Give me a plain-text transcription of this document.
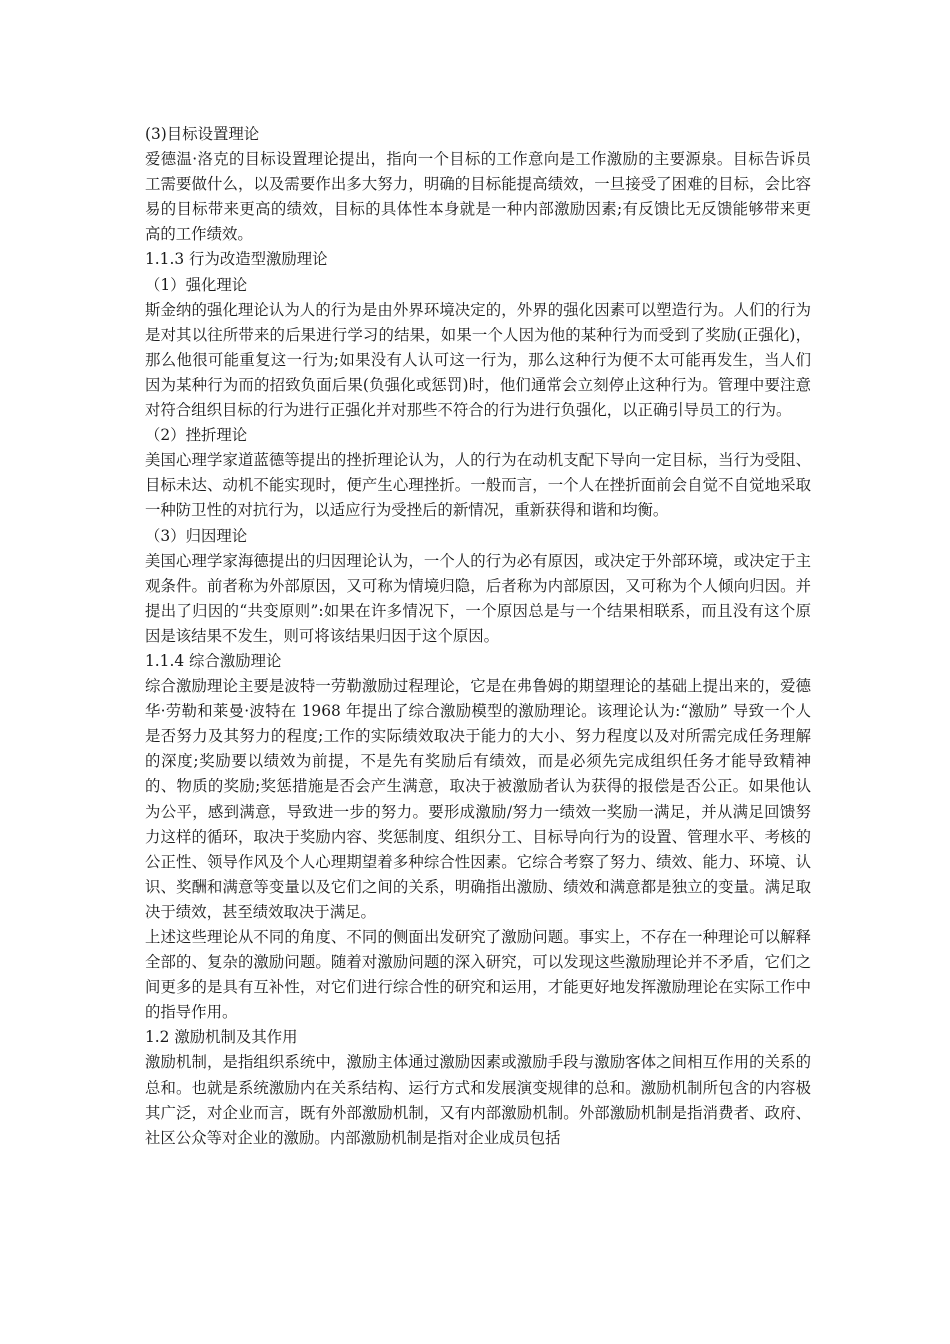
(3)目标设置理论

爱德温·洛克的目标设置理论提出，指向一个目标的工作意向是工作激励的主要源泉。目标告诉员工需要做什么，以及需要作出多大努力，明确的目标能提高绩效，一旦接受了困难的目标，会比容易的目标带来更高的绩效，目标的具体性本身就是一种内部激励因素;有反馈比无反馈能够带来更高的工作绩效。

1.1.3 行为改造型激励理论

（1）强化理论

斯金纳的强化理论认为人的行为是由外界环境决定的，外界的强化因素可以塑造行为。人们的行为是对其以往所带来的后果进行学习的结果，如果一个人因为他的某种行为而受到了奖励(正强化)，那么他很可能重复这一行为;如果没有人认可这一行为，那么这种行为便不太可能再发生，当人们因为某种行为而的招致负面后果(负强化或惩罚)时，他们通常会立刻停止这种行为。管理中要注意对符合组织目标的行为进行正强化并对那些不符合的行为进行负强化，以正确引导员工的行为。

（2）挫折理论

美国心理学家道蓝德等提出的挫折理论认为，人的行为在动机支配下导向一定目标，当行为受阻、目标未达、动机不能实现时，便产生心理挫折。一般而言，一个人在挫折面前会自觉不自觉地采取一种防卫性的对抗行为，以适应行为受挫后的新情况，重新获得和谐和均衡。

（3）归因理论

美国心理学家海德提出的归因理论认为，一个人的行为必有原因，或决定于外部环境，或决定于主观条件。前者称为外部原因，又可称为情境归隐，后者称为内部原因，又可称为个人倾向归因。并提出了归因的“共变原则”:如果在许多情况下，一个原因总是与一个结果相联系，而且没有这个原因是该结果不发生，则可将该结果归因于这个原因。

1.1.4 综合激励理论

综合激励理论主要是波特一劳勒激励过程理论，它是在弗鲁姆的期望理论的基础上提出来的，爱德华·劳勒和莱曼·波特在 1968 年提出了综合激励模型的激励理论。该理论认为:“激励” 导致一个人是否努力及其努力的程度;工作的实际绩效取决于能力的大小、努力程度以及对所需完成任务理解的深度;奖励要以绩效为前提，不是先有奖励后有绩效，而是必须先完成组织任务才能导致精神的、物质的奖励;奖惩措施是否会产生满意，取决于被激励者认为获得的报偿是否公正。如果他认为公平，感到满意，导致进一步的努力。要形成激励/努力一绩效一奖励一满足，并从满足回馈努力这样的循环，取决于奖励内容、奖惩制度、组织分工、目标导向行为的设置、管理水平、考核的公正性、领导作风及个人心理期望着多种综合性因素。它综合考察了努力、绩效、能力、环境、认识、奖酬和满意等变量以及它们之间的关系，明确指出激励、绩效和满意都是独立的变量。满足取决于绩效，甚至绩效取决于满足。

上述这些理论从不同的角度、不同的侧面出发研究了激励问题。事实上，不存在一种理论可以解释全部的、复杂的激励问题。随着对激励问题的深入研究，可以发现这些激励理论并不矛盾，它们之间更多的是具有互补性，对它们进行综合性的研究和运用，才能更好地发挥激励理论在实际工作中的指导作用。

1.2 激励机制及其作用

激励机制，是指组织系统中，激励主体通过激励因素或激励手段与激励客体之间相互作用的关系的总和。也就是系统激励内在关系结构、运行方式和发展演变规律的总和。激励机制所包含的内容极其广泛，对企业而言，既有外部激励机制，又有内部激励机制。外部激励机制是指消费者、政府、社区公众等对企业的激励。内部激励机制是指对企业成员包括
